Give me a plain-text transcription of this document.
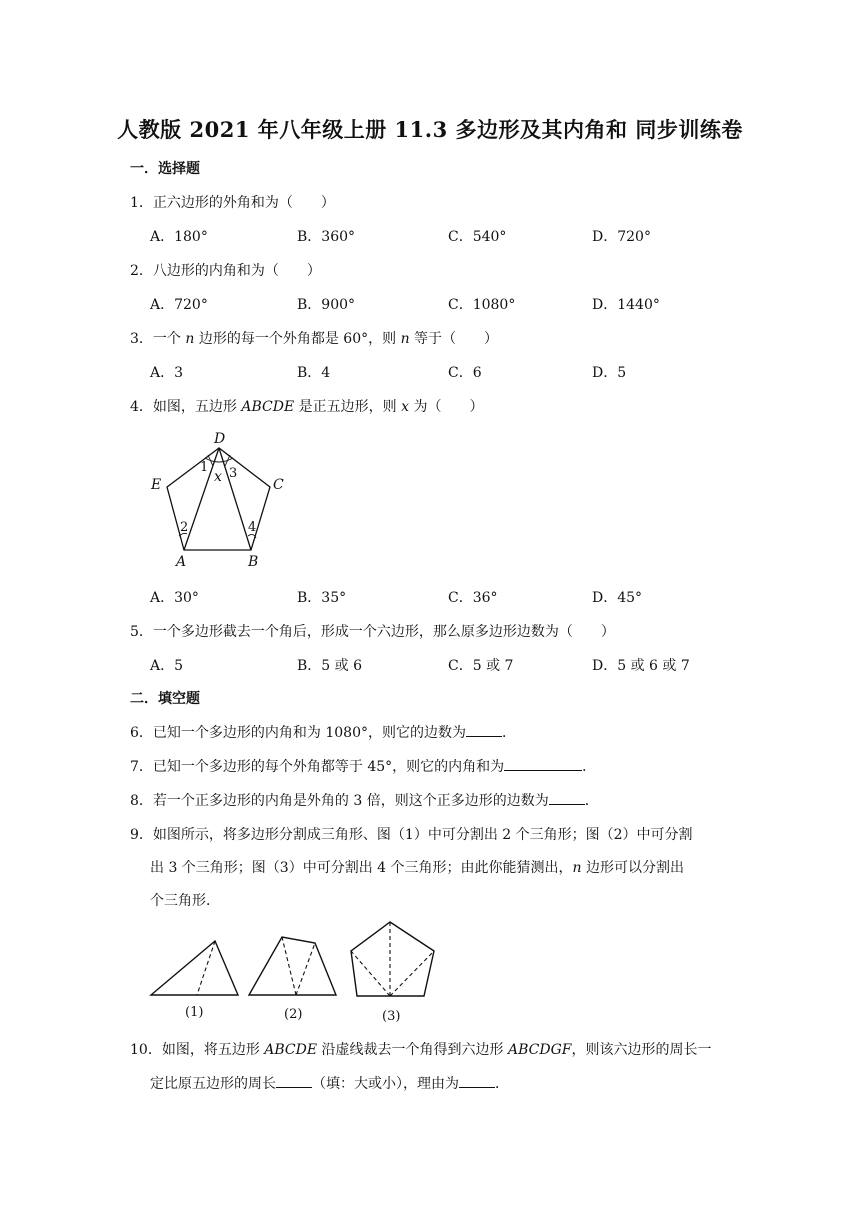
人教版 2021 年八年级上册 11.3 多边形及其内角和 同步训练卷
一．选择题
1．正六边形的外角和为（　　）
A．180°	B．360°	C．540°	D．720°
2．八边形的内角和为（　　）
A．720°	B．900°	C．1080°	D．1440°
3．一个 n 边形的每一个外角都是 60°，则 n 等于（　　）
A．3	B．4	C．6	D．5
4．如图，五边形 ABCDE 是正五边形，则 x 为（　　）
D
E	C
A	B
x
1 3
2	4
A．30°	B．35°	C．36°	D．45°
5．一个多边形截去一个角后，形成一个六边形，那么原多边形边数为（　　）
A．5	B．5 或 6	C．5 或 7	D．5 或 6 或 7
二．填空题
6．已知一个多边形的内角和为 1080°，则它的边数为	．
7．已知一个多边形的每个外角都等于 45°，则它的内角和为	．
8．若一个正多边形的内角是外角的 3 倍，则这个正多边形的边数为	．
9．如图所示，将多边形分割成三角形、图（1）中可分割出 2 个三角形；图（2）中可分割
出 3 个三角形；图（3）中可分割出 4 个三角形；由此你能猜测出，n 边形可以分割出
个三角形．
(1)	(2)	(3)
10．如图，将五边形 ABCDE 沿虚线裁去一个角得到六边形 ABCDGF，则该六边形的周长一
定比原五边形的周长	（填：大或小），理由为	．
